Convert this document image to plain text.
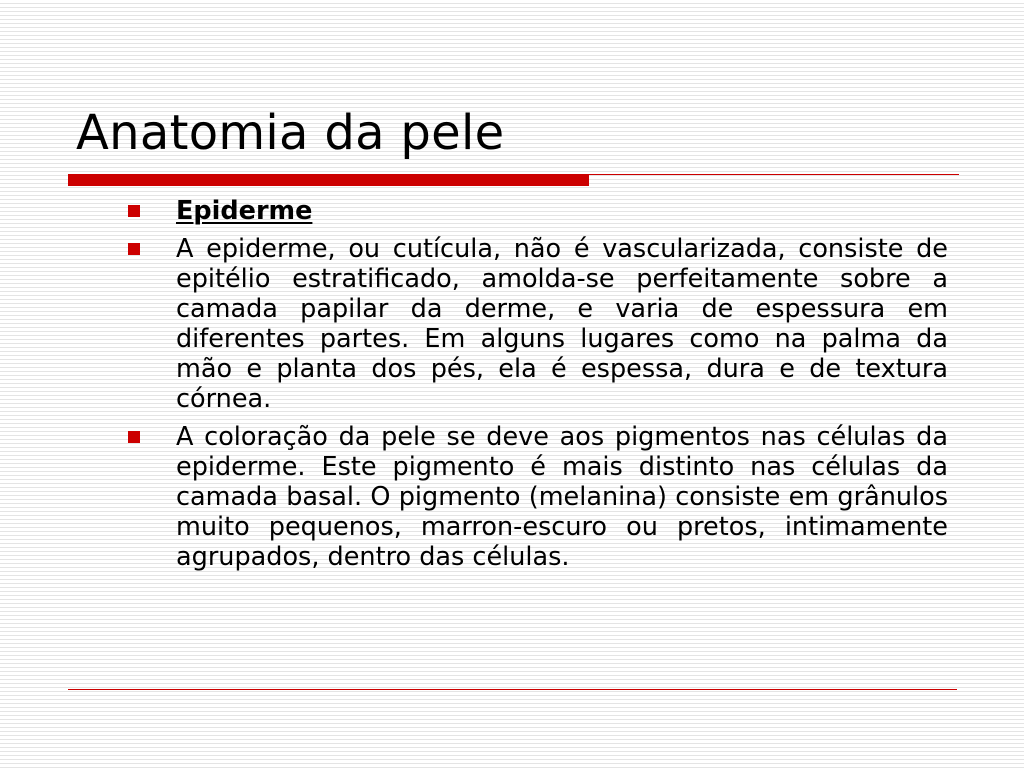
Anatomia da pele
Epiderme
A epiderme, ou cutícula, não é vascularizada, consiste de epitélio estratificado, amolda-se perfeitamente sobre a camada papilar da derme, e varia de espessura em diferentes partes. Em alguns lugares como na palma da mão e planta dos pés, ela é espessa, dura e de textura córnea.
A coloração da pele se deve aos pigmentos nas células da epiderme. Este pigmento é mais distinto nas células da camada basal. O pigmento (melanina) consiste em grânulos muito pequenos, marron-escuro ou pretos, intimamente agrupados, dentro das células.
